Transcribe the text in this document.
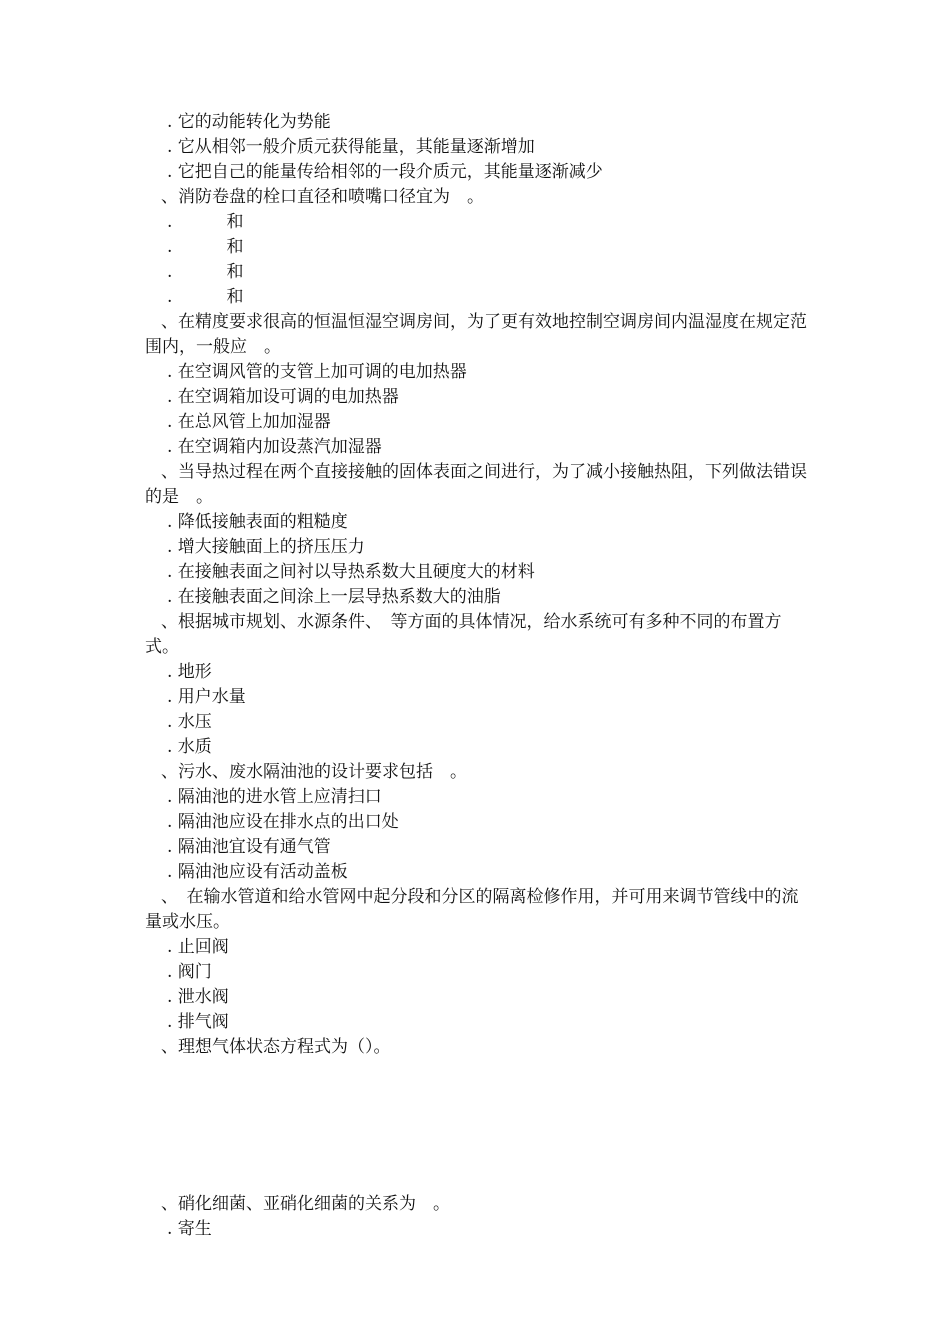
. 它的动能转化为势能

. 它从相邻一般介质元获得能量，其能量逐渐增加

. 它把自己的能量传给相邻的一段介质元，其能量逐渐减少

、消防卷盘的栓口直径和喷嘴口径宜为　。

.          和

.          和

.          和

.          和

、在精度要求很高的恒温恒湿空调房间，为了更有效地控制空调房间内温湿度在规定范围内，一般应　。

. 在空调风管的支管上加可调的电加热器

. 在空调箱加设可调的电加热器

. 在总风管上加加湿器

. 在空调箱内加设蒸汽加湿器

、当导热过程在两个直接接触的固体表面之间进行，为了减小接触热阻，下列做法错误的是　。

. 降低接触表面的粗糙度

. 增大接触面上的挤压压力

. 在接触表面之间衬以导热系数大且硬度大的材料

. 在接触表面之间涂上一层导热系数大的油脂

、根据城市规划、水源条件、　等方面的具体情况，给水系统可有多种不同的布置方式。

. 地形

. 用户水量

. 水压

. 水质

、污水、废水隔油池的设计要求包括　。

. 隔油池的进水管上应清扫口

. 隔油池应设在排水点的出口处

. 隔油池宜设有通气管

. 隔油池应设有活动盖板

、　在输水管道和给水管网中起分段和分区的隔离检修作用，并可用来调节管线中的流量或水压。

. 止回阀

. 阀门

. 泄水阀

. 排气阀

、理想气体状态方程式为（）。

、硝化细菌、亚硝化细菌的关系为　。

. 寄生
